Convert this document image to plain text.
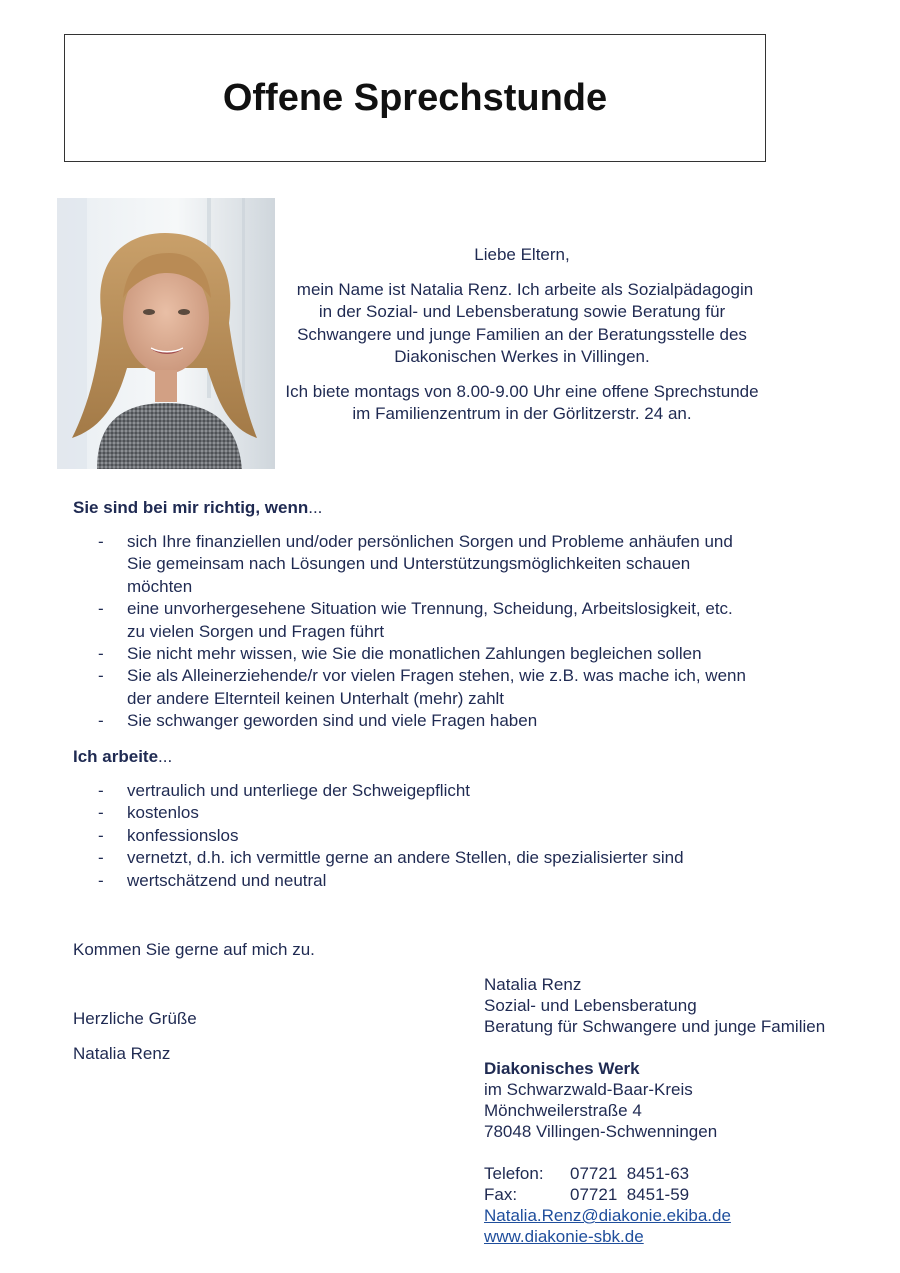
Offene Sprechstunde

Liebe Eltern,

mein Name ist Natalia Renz. Ich arbeite als Sozialpädagogin in der Sozial- und Lebensberatung sowie Beratung für Schwangere und junge Familien an der Beratungsstelle des Diakonischen Werkes in Villingen.

Ich biete montags von 8.00-9.00 Uhr eine offene Sprechstunde im Familienzentrum in der Görlitzerstr. 24 an.

Sie sind bei mir richtig, wenn...
- sich Ihre finanziellen und/oder persönlichen Sorgen und Probleme anhäufen und Sie gemeinsam nach Lösungen und Unterstützungsmöglichkeiten schauen möchten
- eine unvorhergesehene Situation wie Trennung, Scheidung, Arbeitslosigkeit, etc. zu vielen Sorgen und Fragen führt
- Sie nicht mehr wissen, wie Sie die monatlichen Zahlungen begleichen sollen
- Sie als Alleinerziehende/r vor vielen Fragen stehen, wie z.B. was mache ich, wenn der andere Elternteil keinen Unterhalt (mehr) zahlt
- Sie schwanger geworden sind und viele Fragen haben
Ich arbeite...
- vertraulich und unterliege der Schweigepflicht
- kostenlos
- konfessionslos
- vernetzt, d.h. ich vermittle gerne an andere Stellen, die spezialisierter sind
- wertschätzend und neutral

Kommen Sie gerne auf mich zu.

Herzliche Grüße

Natalia Renz

Natalia Renz
Sozial- und Lebensberatung
Beratung für Schwangere und junge Familien
Diakonisches Werk
im Schwarzwald-Baar-Kreis
Mönchweilerstraße 4
78048 Villingen-Schwenningen
Telefon: 07721  8451-63
Fax:	07721  8451-59
Natalia.Renz@diakonie.ekiba.de
www.diakonie-sbk.de
